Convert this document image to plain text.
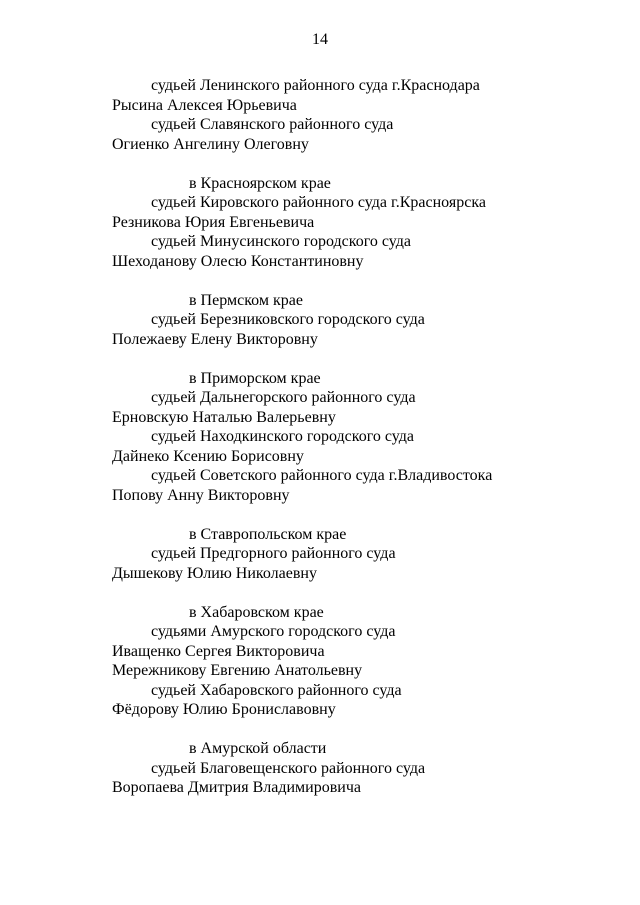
14
судьей Ленинского районного суда г.Краснодара
Рысина Алексея Юрьевича
судьей Славянского районного суда
Огиенко Ангелину Олеговну
в Красноярском крае
судьей Кировского районного суда г.Красноярска
Резникова Юрия Евгеньевича
судьей Минусинского городского суда
Шеходанову Олесю Константиновну
в Пермском крае
судьей Березниковского городского суда
Полежаеву Елену Викторовну
в Приморском крае
судьей Дальнегорского районного суда
Ерновскую Наталью Валерьевну
судьей Находкинского городского суда
Дайнеко Ксению Борисовну
судьей Советского районного суда г.Владивостока
Попову Анну Викторовну
в Ставропольском крае
судьей Предгорного районного суда
Дышекову Юлию Николаевну
в Хабаровском крае
судьями Амурского городского суда
Иващенко Сергея Викторовича
Мережникову Евгению Анатольевну
судьей Хабаровского районного суда
Фёдорову Юлию Брониславовну
в Амурской области
судьей Благовещенского районного суда
Воропаева Дмитрия Владимировича
